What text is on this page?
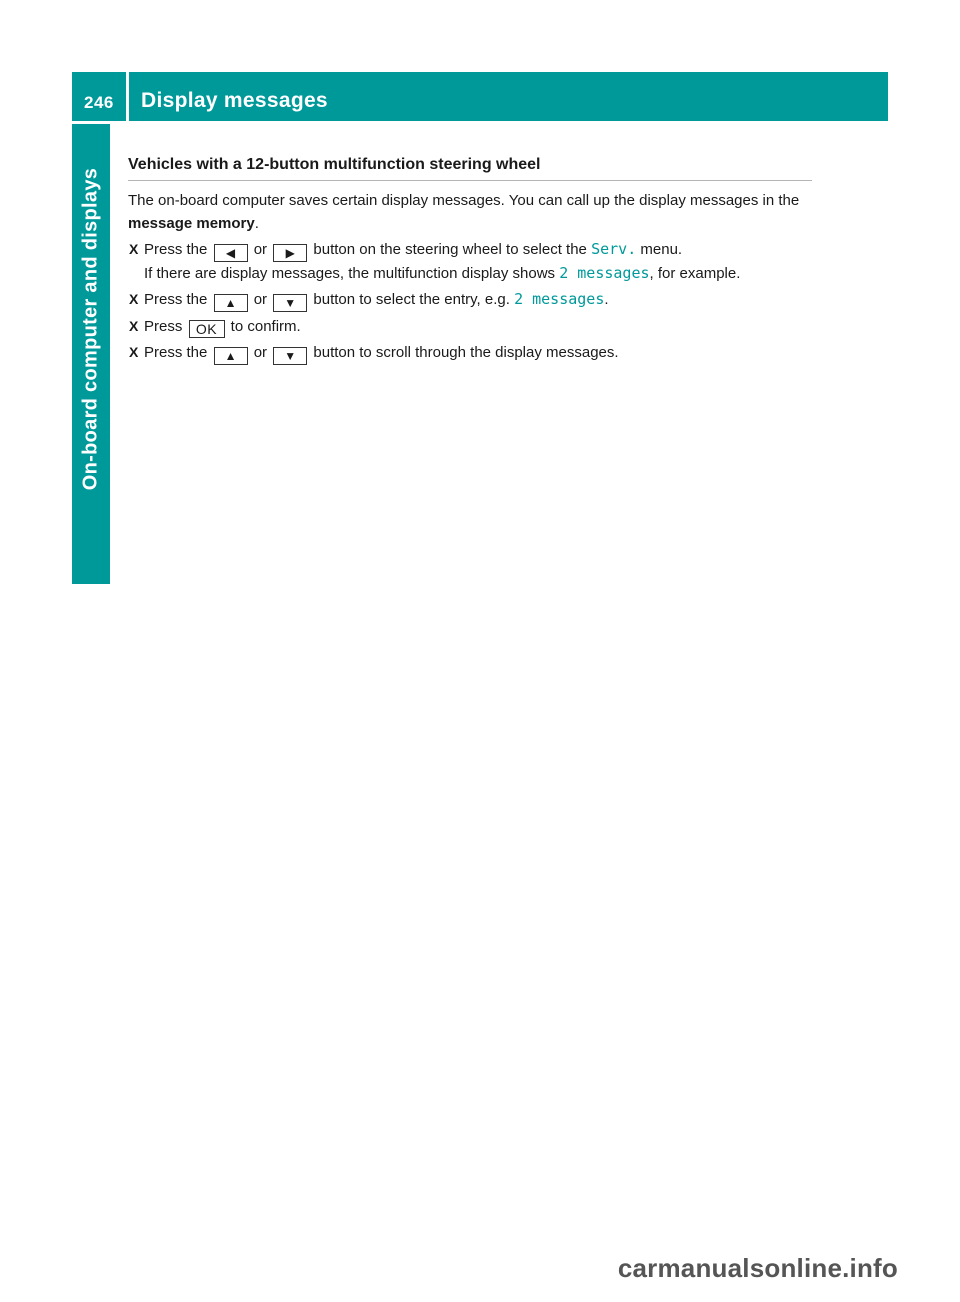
246 Display messages
On-board computer and displays
Vehicles with a 12-button multifunction steering wheel

The on-board computer saves certain display messages. You can call up the display messages in the message memory.

X Press the ◀ or ▶ button on the steering wheel to select the Serv. menu.
If there are display messages, the multifunction display shows 2 messages, for example.
X Press the ▲ or ▼ button to select the entry, e.g. 2 messages.
X Press OK to confirm.
X Press the ▲ or ▼ button to scroll through the display messages.
carmanualsonline.info
